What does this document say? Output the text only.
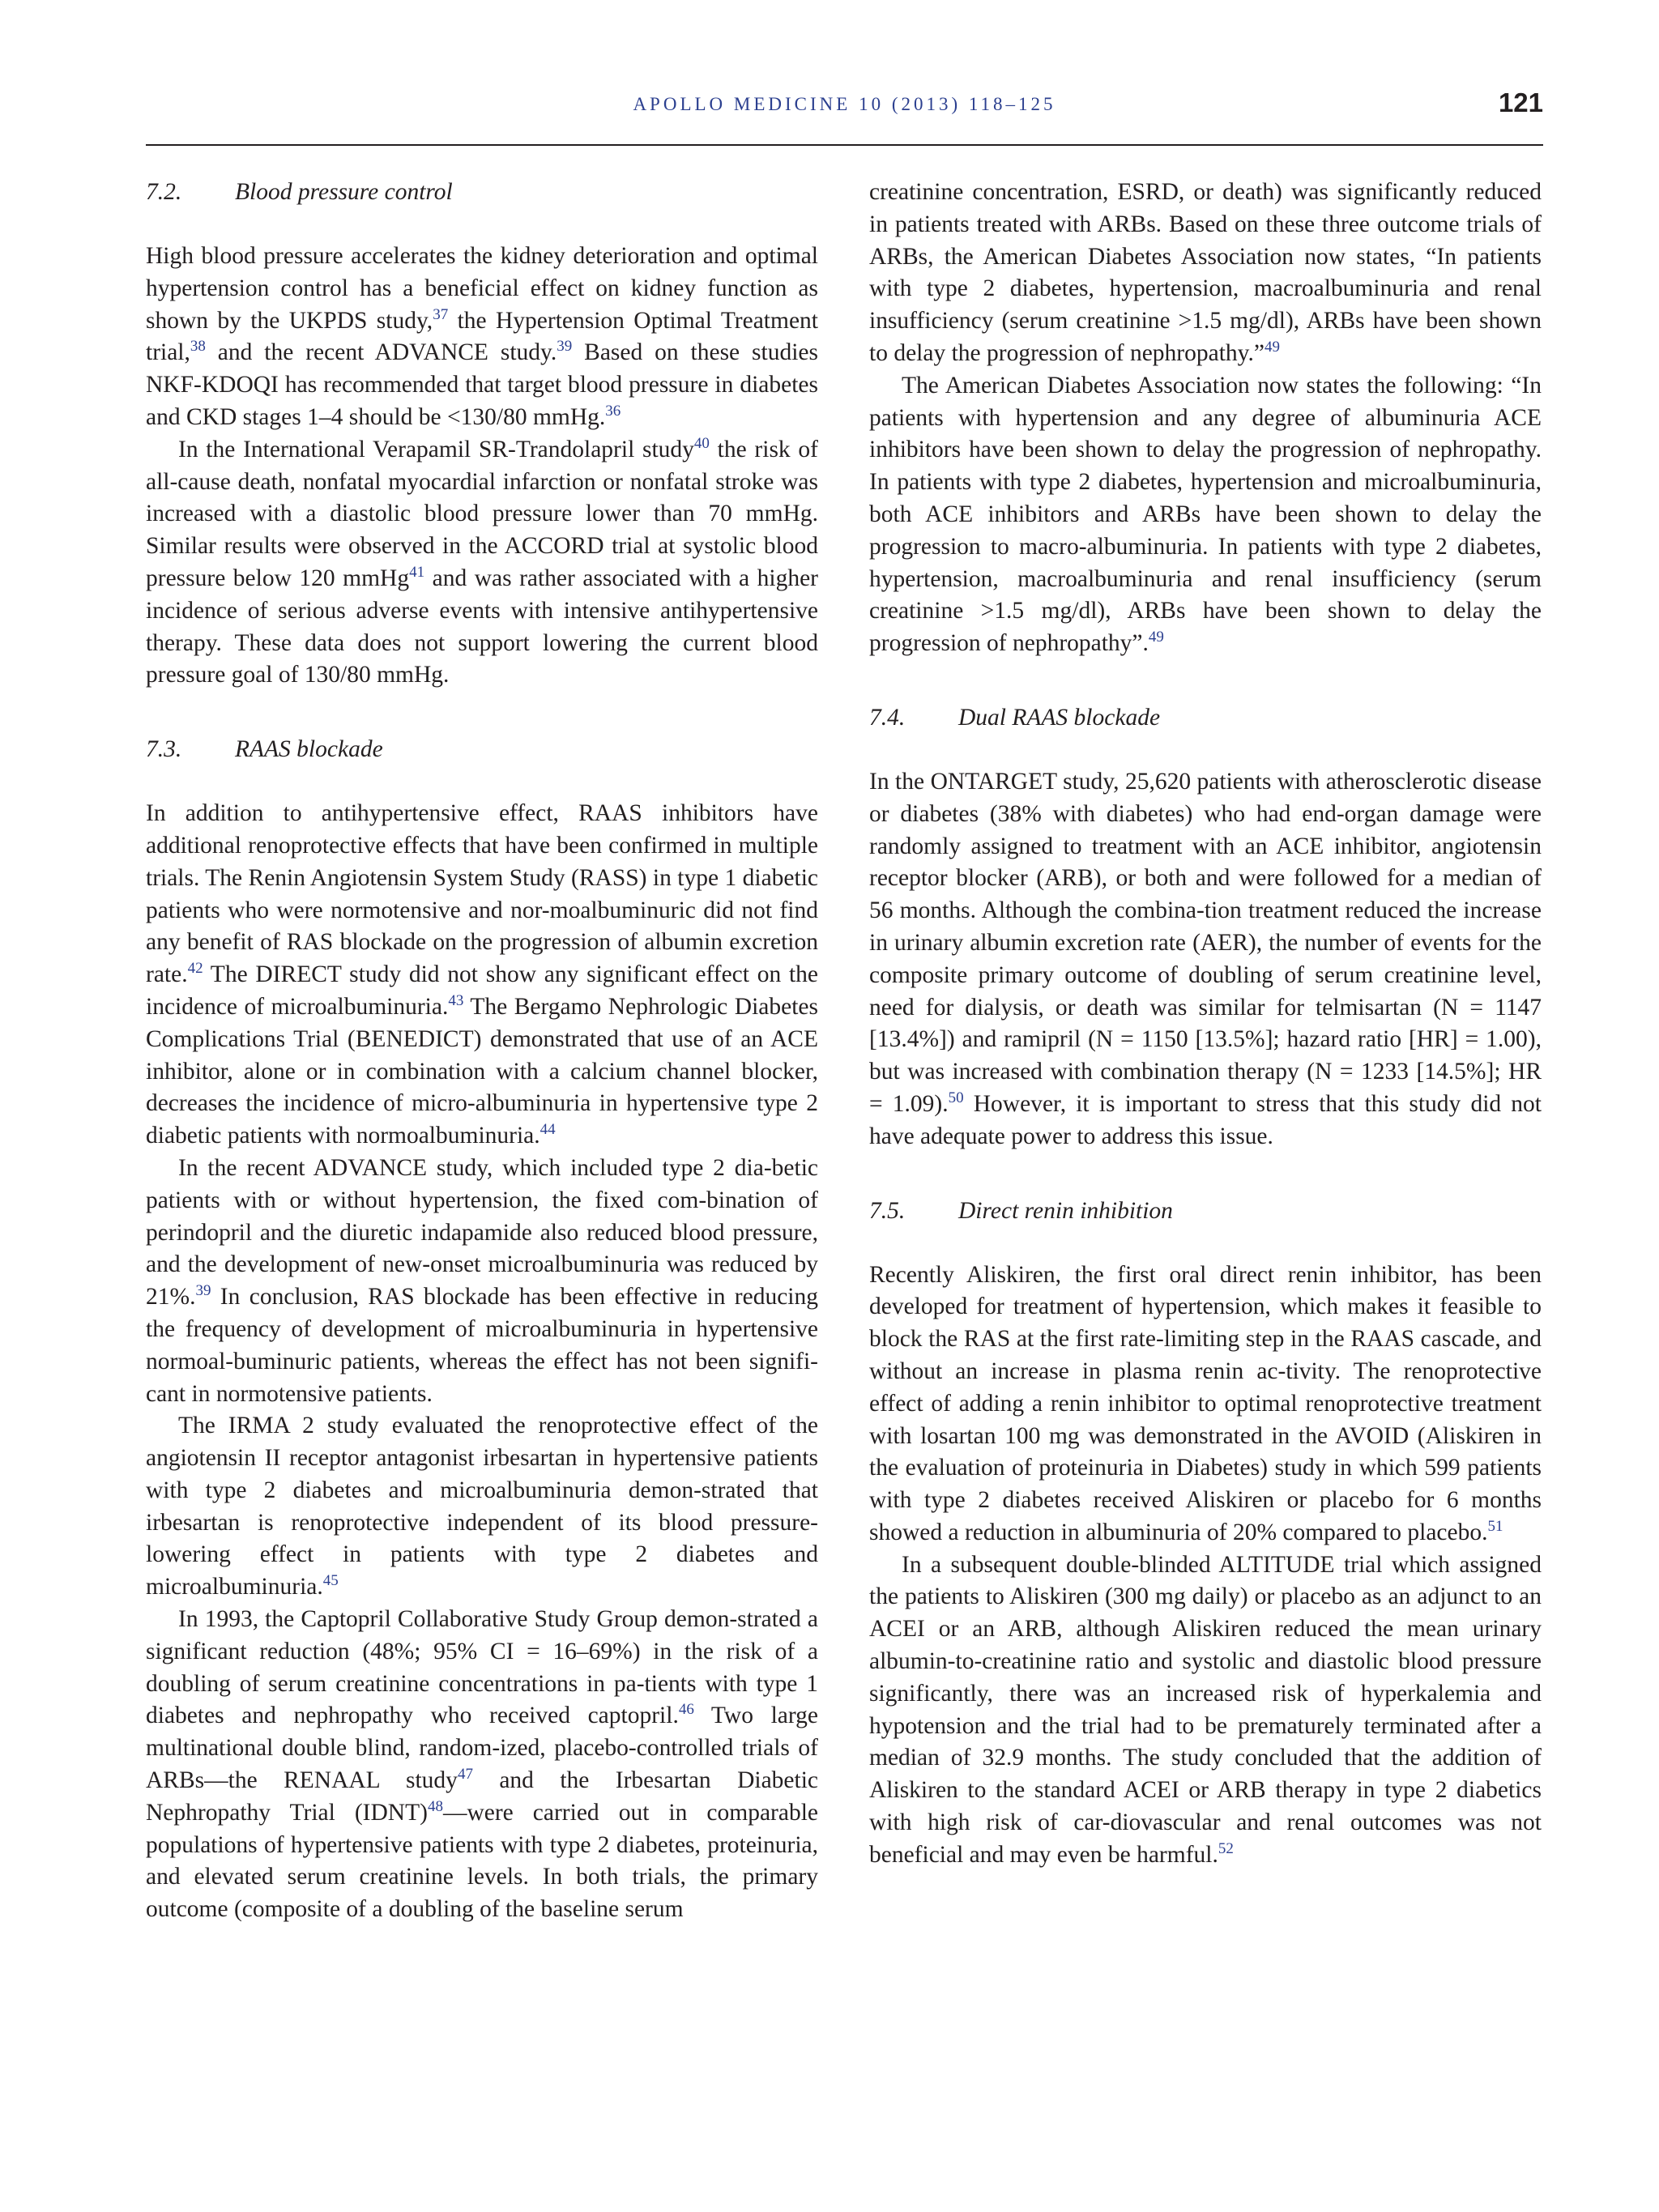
APOLLO MEDICINE 10 (2013) 118–125	121
7.2. Blood pressure control

High blood pressure accelerates the kidney deterioration and optimal hypertension control has a beneficial effect on kidney function as shown by the UKPDS study,$^{37}$ the Hypertension Optimal Treatment trial,$^{38}$ and the recent ADVANCE study.$^{39}$ Based on these studies NKF-KDOQI has recommended that target blood pressure in diabetes and CKD stages 1–4 should be <130/80 mmHg.$^{36}$

In the International Verapamil SR-Trandolapril study$^{40}$ the risk of all-cause death, nonfatal myocardial infarction or nonfatal stroke was increased with a diastolic blood pressure lower than 70 mmHg. Similar results were observed in the ACCORD trial at systolic blood pressure below 120 mmHg$^{41}$ and was rather associated with a higher incidence of serious adverse events with intensive antihypertensive therapy. These data does not support lowering the current blood pressure goal of 130/80 mmHg.

7.3. RAAS blockade

In addition to antihypertensive effect, RAAS inhibitors have additional renoprotective effects that have been confirmed in multiple trials. The Renin Angiotensin System Study (RASS) in type 1 diabetic patients who were normotensive and nor-moalbuminuric did not find any benefit of RAS blockade on the progression of albumin excretion rate.$^{42}$ The DIRECT study did not show any significant effect on the incidence of microalbuminuria.$^{43}$ The Bergamo Nephrologic Diabetes Complications Trial (BENEDICT) demonstrated that use of an ACE inhibitor, alone or in combination with a calcium channel blocker, decreases the incidence of micro-albuminuria in hypertensive type 2 diabetic patients with normoalbuminuria.$^{44}$

In the recent ADVANCE study, which included type 2 dia-betic patients with or without hypertension, the fixed com-bination of perindopril and the diuretic indapamide also reduced blood pressure, and the development of new-onset microalbuminuria was reduced by 21%.$^{39}$ In conclusion, RAS blockade has been effective in reducing the frequency of development of microalbuminuria in hypertensive normoal-buminuric patients, whereas the effect has not been signifi-cant in normotensive patients.

The IRMA 2 study evaluated the renoprotective effect of the angiotensin II receptor antagonist irbesartan in hypertensive patients with type 2 diabetes and microalbuminuria demon-strated that irbesartan is renoprotective independent of its blood pressure-lowering effect in patients with type 2 diabetes and microalbuminuria.$^{45}$

In 1993, the Captopril Collaborative Study Group demon-strated a significant reduction (48%; 95% CI = 16–69%) in the risk of a doubling of serum creatinine concentrations in pa-tients with type 1 diabetes and nephropathy who received captopril.$^{46}$ Two large multinational double blind, random-ized, placebo-controlled trials of ARBs—the RENAAL study$^{47}$ and the Irbesartan Diabetic Nephropathy Trial (IDNT)$^{48}$—were carried out in comparable populations of hypertensive patients with type 2 diabetes, proteinuria, and elevated serum creatinine levels. In both trials, the primary outcome (composite of a doubling of the baseline serum

creatinine concentration, ESRD, or death) was significantly reduced in patients treated with ARBs. Based on these three outcome trials of ARBs, the American Diabetes Association now states, “In patients with type 2 diabetes, hypertension, macroalbuminuria and renal insufficiency (serum creatinine >1.5 mg/dl), ARBs have been shown to delay the progression of nephropathy.”$^{49}$

The American Diabetes Association now states the following: “In patients with hypertension and any degree of albuminuria ACE inhibitors have been shown to delay the progression of nephropathy. In patients with type 2 diabetes, hypertension and microalbuminuria, both ACE inhibitors and ARBs have been shown to delay the progression to macro-albuminuria. In patients with type 2 diabetes, hypertension, macroalbuminuria and renal insufficiency (serum creatinine >1.5 mg/dl), ARBs have been shown to delay the progression of nephropathy”.$^{49}$

7.4. Dual RAAS blockade

In the ONTARGET study, 25,620 patients with atherosclerotic disease or diabetes (38% with diabetes) who had end-organ damage were randomly assigned to treatment with an ACE inhibitor, angiotensin receptor blocker (ARB), or both and were followed for a median of 56 months. Although the combina-tion treatment reduced the increase in urinary albumin excretion rate (AER), the number of events for the composite primary outcome of doubling of serum creatinine level, need for dialysis, or death was similar for telmisartan (N = 1147 [13.4%]) and ramipril (N = 1150 [13.5%]; hazard ratio [HR] = 1.00), but was increased with combination therapy (N = 1233 [14.5%]; HR = 1.09).$^{50}$ However, it is important to stress that this study did not have adequate power to address this issue.

7.5. Direct renin inhibition

Recently Aliskiren, the first oral direct renin inhibitor, has been developed for treatment of hypertension, which makes it feasible to block the RAS at the first rate-limiting step in the RAAS cascade, and without an increase in plasma renin ac-tivity. The renoprotective effect of adding a renin inhibitor to optimal renoprotective treatment with losartan 100 mg was demonstrated in the AVOID (Aliskiren in the evaluation of proteinuria in Diabetes) study in which 599 patients with type 2 diabetes received Aliskiren or placebo for 6 months showed a reduction in albuminuria of 20% compared to placebo.$^{51}$

In a subsequent double-blinded ALTITUDE trial which assigned the patients to Aliskiren (300 mg daily) or placebo as an adjunct to an ACEI or an ARB, although Aliskiren reduced the mean urinary albumin-to-creatinine ratio and systolic and diastolic blood pressure significantly, there was an increased risk of hyperkalemia and hypotension and the trial had to be prematurely terminated after a median of 32.9 months. The study concluded that the addition of Aliskiren to the standard ACEI or ARB therapy in type 2 diabetics with high risk of car-diovascular and renal outcomes was not beneficial and may even be harmful.$^{52}$
